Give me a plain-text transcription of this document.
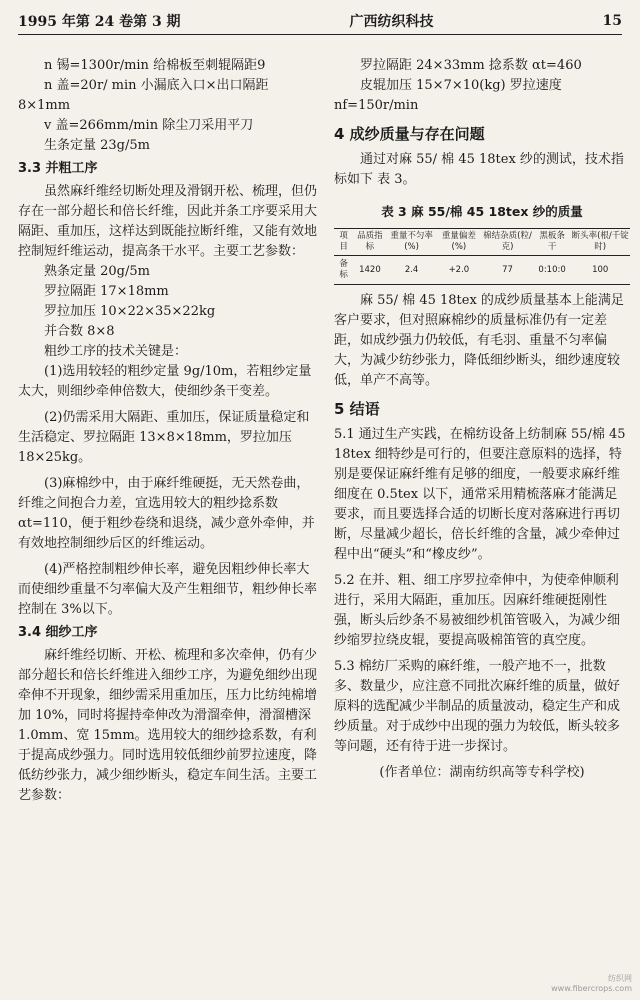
1995 年第 24 卷第 3 期	广西纺织科技	15

n 锡=1300r/min 给棉板至刺辊隔距9

n 盖=20r/ min 小漏底入口×出口隔距

8×1mm

v 盖=266mm/min 除尘刀采用平刀

生条定量 23g/5m

3.3 并粗工序

虽然麻纤维经切断处理及滑钢开松、梳理，但仍存在一部分超长和倍长纤维，因此并条工序要采用大隔距、重加压，这样达到既能拉断纤维，又能有效地控制短纤维运动，提高条干水平。主要工艺参数：

熟条定量 20g/5m

罗拉隔距 17×18mm

罗拉加压 10×22×35×22kg

并合数 8×8

粗纱工序的技术关键是：

(1)选用较轻的粗纱定量 9g/10m，若粗纱定量太大，则细纱牵伸倍数大，使细纱条干变差。

(2)仍需采用大隔距、重加压，保证质量稳定和生活稳定、罗拉隔距 13×8×18mm，罗拉加压 18×25kg。

(3)麻棉纱中，由于麻纤维硬挺，无天然卷曲，纤维之间抱合力差，宜选用较大的粗纱捻系数 αt=110，便于粗纱卷绕和退绕，减少意外牵伸，并有效地控制细纱后区的纤维运动。

(4)严格控制粗纱伸长率，避免因粗纱伸长率大而使细纱重量不匀率偏大及产生粗细节，粗纱伸长率控制在 3%以下。

3.4 细纱工序

麻纤维经切断、开松、梳理和多次牵伸，仍有少部分超长和倍长纤维进入细纱工序，为避免细纱出现牵伸不开现象，细纱需采用重加压，压力比纺纯棉增加 10%，同时将握持牵伸改为滑溜牵伸，滑溜槽深 1.0mm、宽 15mm。选用较大的细纱捻系数，有利于提高成纱强力。同时选用较低细纱前罗拉速度，降低纺纱张力，减少细纱断头，稳定车间生活。主要工艺参数：

罗拉隔距 24×33mm 捻系数 αt=460

皮辊加压 15×7×10(kg) 罗拉速度

nf=150r/min

4 成纱质量与存在问题

通过对麻 55/ 棉 45 18tex 纱的测试，技术指标如下 表 3。

表 3 麻 55/棉 45 18tex 纱的质量
项 目	品质指标	重量不匀率(%)	重量偏差(%)	棉结杂质(粒/克)	黑板条 干	断头率(根/千锭时)
备 标	1420	2.4	+2.0	77	0:10:0	100

麻 55/ 棉 45 18tex 的成纱质量基本上能满足客户要求，但对照麻棉纱的质量标准仍有一定差距，如成纱强力仍较低，有毛羽、重量不匀率偏大，为减少纺纱张力，降低细纱断头，细纱速度较低，单产不高等。

5 结语

5.1 通过生产实践，在棉纺设备上纺制麻 55/棉 45 18tex 细特纱是可行的，但要注意原料的选择，特别是要保证麻纤维有足够的细度，一般要求麻纤维细度在 0.5tex 以下，通常采用精梳落麻才能满足要求，而且要选择合适的切断长度对落麻进行再切断，尽量减少超长，倍长纤维的含量，减少牵伸过程中出“硬头”和“橡皮纱”。

5.2 在并、粗、细工序罗拉牵伸中，为使牵伸顺利进行，采用大隔距，重加压。因麻纤维硬挺刚性强，断头后纱条不易被细纱机笛管吸入，为减少细纱缩罗拉绕皮辊，要提高吸棉笛管的真空度。

5.3 棉纺厂采购的麻纤维，一般产地不一，批数多、数量少，应注意不同批次麻纤维的质量，做好原料的选配减少半制品的质量波动，稳定生产和成纱质量。对于成纱中出现的强力为较低，断头较多等问题，还有待于进一步探讨。

(作者单位：湖南纺织高等专科学校)

纺织网
www.fibercrops.com
